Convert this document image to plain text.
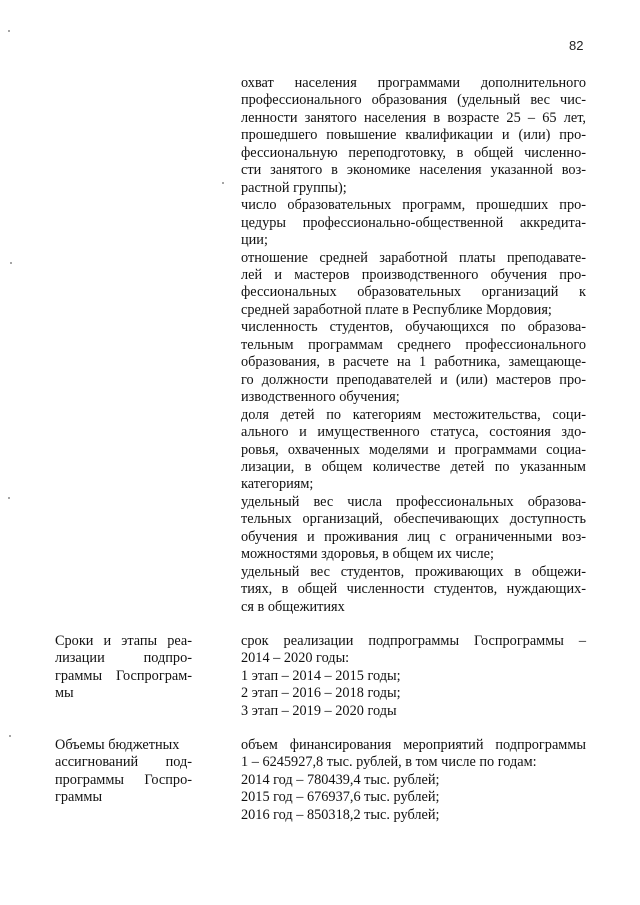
82
охват населения программами дополнительного
профессионального образования (удельный вес чис-
ленности занятого населения в возрасте 25 – 65 лет,
прошедшего повышение квалификации и (или) про-
фессиональную переподготовку, в общей численно-
сти занятого в экономике населения указанной воз-
растной группы);
число образовательных программ, прошедших про-
цедуры профессионально-общественной аккредита-
ции;
отношение средней заработной платы преподавате-
лей и мастеров производственного обучения про-
фессиональных образовательных организаций к
средней заработной плате в Республике Мордовия;
численность студентов, обучающихся по образова-
тельным программам среднего профессионального
образования, в расчете на 1 работника, замещающе-
го должности преподавателей и (или) мастеров про-
изводственного обучения;
доля детей по категориям местожительства, соци-
ального и имущественного статуса, состояния здо-
ровья, охваченных моделями и программами социа-
лизации, в общем количестве детей по указанным
категориям;
удельный вес числа профессиональных образова-
тельных организаций, обеспечивающих доступность
обучения и проживания лиц с ограниченными воз-
можностями здоровья, в общем их числе;
удельный вес студентов, проживающих в общежи-
тиях, в общей численности студентов, нуждающих-
ся в общежитиях
Сроки и этапы реа-
лизации подпро-
граммы Госпрограм-
мы
срок реализации подпрограммы Госпрограммы –
2014 – 2020 годы:
1 этап – 2014 – 2015 годы;
2 этап – 2016 – 2018 годы;
3 этап – 2019 – 2020 годы
Объемы бюджетных
ассигнований под-
программы Госпро-
граммы
объем финансирования мероприятий подпрограммы
1 – 6245927,8 тыс. рублей, в том числе по годам:
2014 год – 780439,4 тыс. рублей;
2015 год – 676937,6 тыс. рублей;
2016 год – 850318,2 тыс. рублей;
